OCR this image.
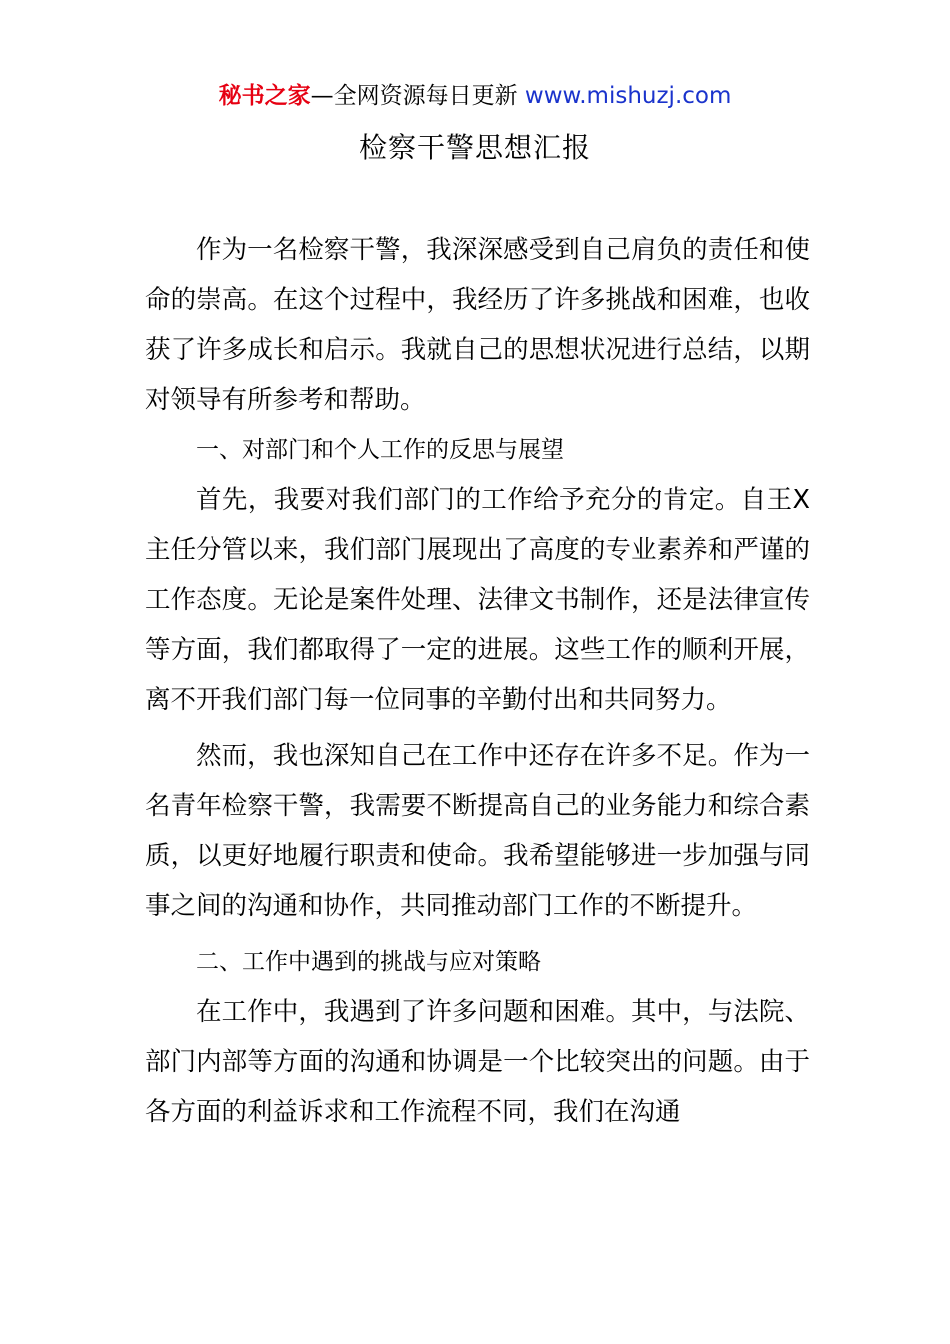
秘书之家—全网资源每日更新 www.mishuzj.com
检察干警思想汇报

作为一名检察干警，我深深感受到自己肩负的责任和使命的崇高。在这个过程中，我经历了许多挑战和困难，也收获了许多成长和启示。我就自己的思想状况进行总结，以期对领导有所参考和帮助。

一、对部门和个人工作的反思与展望

首先，我要对我们部门的工作给予充分的肯定。自王X主任分管以来，我们部门展现出了高度的专业素养和严谨的工作态度。无论是案件处理、法律文书制作，还是法律宣传等方面，我们都取得了一定的进展。这些工作的顺利开展，离不开我们部门每一位同事的辛勤付出和共同努力。

然而，我也深知自己在工作中还存在许多不足。作为一名青年检察干警，我需要不断提高自己的业务能力和综合素质，以更好地履行职责和使命。我希望能够进一步加强与同事之间的沟通和协作，共同推动部门工作的不断提升。

二、工作中遇到的挑战与应对策略

在工作中，我遇到了许多问题和困难。其中，与法院、部门内部等方面的沟通和协调是一个比较突出的问题。由于各方面的利益诉求和工作流程不同，我们在沟通
